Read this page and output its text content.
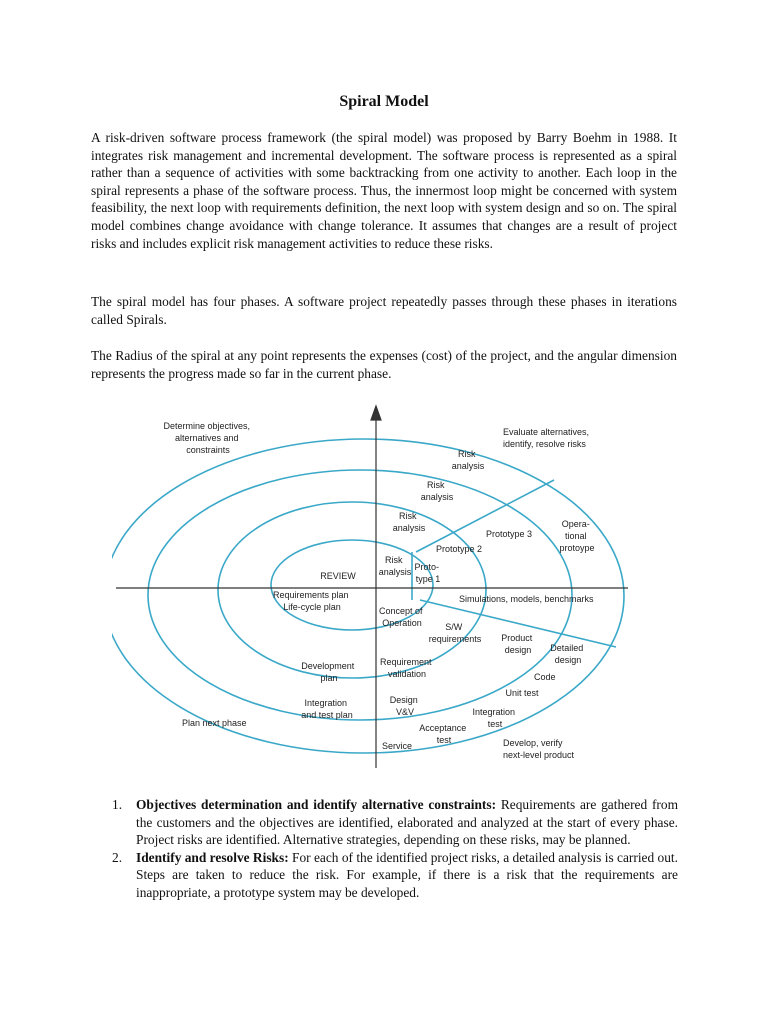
Spiral Model

A risk-driven software process framework (the spiral model) was proposed by Barry Boehm in 1988. It integrates risk management and incremental development. The software process is represented as a spiral rather than a sequence of activities with some backtracking from one activity to another. Each loop in the spiral represents a phase of the software process. Thus, the innermost loop might be concerned with system feasibility, the next loop with requirements definition, the next loop with system design and so on. The spiral model combines change avoidance with change tolerance. It assumes that changes are a result of project risks and includes explicit risk management activities to reduce these risks.

The spiral model has four phases. A software project repeatedly passes through these phases in iterations called Spirals.

The Radius of the spiral at any point represents the expenses (cost) of the project, and the angular dimension represents the progress made so far in the current phase.

Determine objectives, alternatives and constraints
Evaluate alternatives, identify, resolve risks
Risk analysis
Risk analysis
Risk analysis
Risk analysis
Opera- tional protoype
Prototype 3
Prototype 2
Proto- type 1
REVIEW
Requirements plan Life-cycle plan
Simulations, models, benchmarks
Concept of Operation	S/W requirements Product design	Detailed design
Code
Development plan
Requirement validation
Unit test
Integration and test plan
Design V&V	Integration test
Plan next phase	Acceptance test
Service	Develop, verify next-level product
1. Objectives determination and identify alternative constraints: Requirements are gathered from the customers and the objectives are identified, elaborated and analyzed at the start of every phase. Project risks are identified. Alternative strategies, depending on these risks, may be planned.
2. Identify and resolve Risks: For each of the identified project risks, a detailed analysis is carried out. Steps are taken to reduce the risk. For example, if there is a risk that the requirements are inappropriate, a prototype system may be developed.
